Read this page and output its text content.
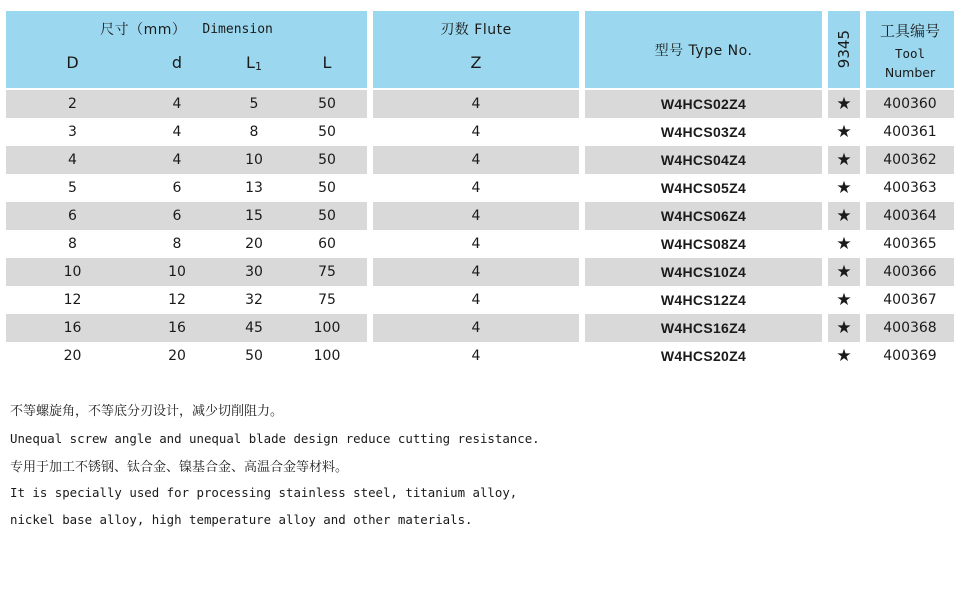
尺寸（mm） Dimension
D	d	L1	L
刃数 Flute
Z
型号 Type No.	9345	工具编号
Tool
Number
2	4	5	50	4	W4HCS02Z4	★	400360
3	4	8	50	4	W4HCS03Z4	★	400361
4	4	10	50	4	W4HCS04Z4	★	400362
5	6	13	50	4	W4HCS05Z4	★	400363
6	6	15	50	4	W4HCS06Z4	★	400364
8	8	20	60	4	W4HCS08Z4	★	400365
10	10	30	75	4	W4HCS10Z4	★	400366
12	12	32	75	4	W4HCS12Z4	★	400367
16	16	45	100	4	W4HCS16Z4	★	400368
20	20	50	100	4	W4HCS20Z4	★	400369
不等螺旋角，不等底分刃设计，减少切削阻力。
Unequal screw angle and unequal blade design reduce cutting resistance.
专用于加工不锈钢、钛合金、镍基合金、高温合金等材料。
It is specially used for processing stainless steel, titanium alloy,
nickel base alloy, high temperature alloy and other materials.
